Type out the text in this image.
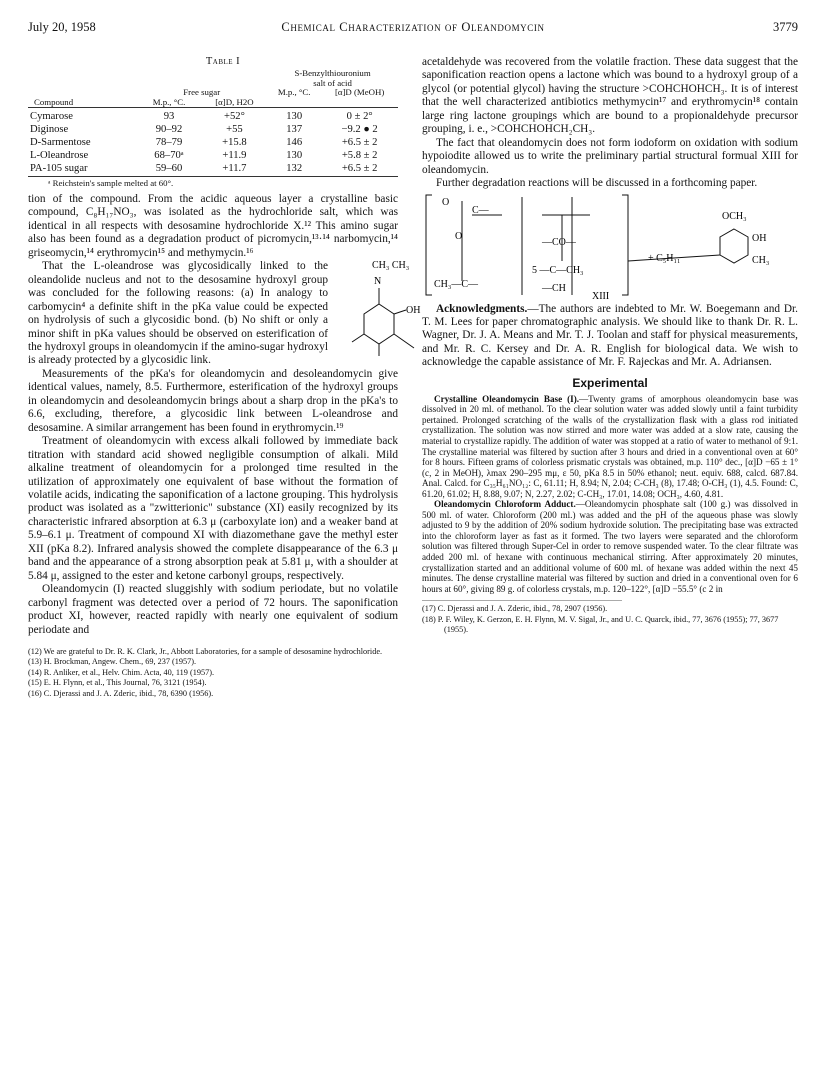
July 20, 1958	Chemical Characterization of Oleandomycin	3779
Table I

			S-Benzylthiouronium
salt of acid	

	Free sugar		M.p., °C.	[α]D (MeOH)
Compound	M.p., °C.	[α]D, H2O		

Cymarose	93	+52°	130	0 ± 2°
Diginose	90–92	+55	137	−9.2 ● 2
D-Sarmentose	78–79	+15.8	146	+6.5 ± 2
L-Oleandrose	68–70ᵃ	+11.9	130	+5.8 ± 2
PA-105 sugar	59–60	+11.7	132	+6.5 ± 2

ᵃ Reichstein's sample melted at 60°.

tion of the compound. From the acidic aqueous layer a crystalline basic compound, C₈H₁₇NO₃, was isolated as the hydrochloride salt, which was identical in all respects with desosamine hydrochloride X.¹² This amino sugar also has been found as a degradation product of picromycin,¹³·¹⁴ narbomycin,¹⁴ griseomycin,¹⁴ erythromycin¹⁵ and methymycin.¹⁶

CH₃ CH₃
N
OH

That the L-oleandrose was glycosidically linked to the oleandolide nucleus and not to the desosamine hydroxyl group was concluded for the following reasons: (a) In analogy to carbomycin⁴ a definite shift in the pKa value could be expected on hydrolysis of such a glycosidic bond. (b) No shift or only a minor shift in pKa values should be observed on esterification of the hydroxyl groups in oleandomycin if the amino-sugar hydroxyl is already protected by a glycosidic link.

Measurements of the pKa's for oleandomycin and desoleandomycin give identical values, namely, 8.5. Furthermore, esterification of the hydroxyl groups in oleandomycin and desoleandomycin brings about a sharp drop in the pKa's to 6.6, excluding, therefore, a glycosidic link between L-oleandrose and desosamine. A similar arrangement has been found in erythromycin.¹⁹

Treatment of oleandomycin with excess alkali followed by immediate back titration with standard acid showed negligible consumption of alkali. Mild alkaline treatment of oleandomycin for a prolonged time resulted in the utilization of approximately one equivalent of base without the formation of volatile acids, indicating the saponification of a lactone grouping. This hydrolysis product was isolated as a "zwitterionic" substance (XI) easily recognized by its characteristic infrared absorption at 6.3 μ (carboxylate ion) and a weaker band at 5.9–6.1 μ. Treatment of compound XI with diazomethane gave the methyl ester XII (pKa 8.2). Infrared analysis showed the complete disappearance of the 6.3 μ band and the appearance of a strong absorption peak at 5.81 μ, with a shoulder at 5.84 μ, assigned to the ester and ketone carbonyl groups, respectively.

Oleandomycin (I) reacted sluggishly with sodium periodate, but no volatile carbonyl fragment was detected over a period of 72 hours. The saponification product XI, however, reacted rapidly with nearly one equivalent of sodium periodate and

(12) We are grateful to Dr. R. K. Clark, Jr., Abbott Laboratories, for a sample of desosamine hydrochloride.

(13) H. Brockman, Angew. Chem., 69, 237 (1957).

(14) R. Anliker, et al., Helv. Chim. Acta, 40, 119 (1957).

(15) E. H. Flynn, et al., This Journal, 76, 3121 (1954).

(16) C. Djerassi and J. A. Zderic, ibid., 78, 6390 (1956).

acetaldehyde was recovered from the volatile fraction. These data suggest that the saponification reaction opens a lactone which was bound to a hydroxyl group of a glycol (or potential glycol) having the structure >COHCHOHCH₃. It is of interest that the well characterized antibiotics methymycin¹⁷ and erythromycin¹⁸ contain large ring lactone groupings which are bound to a propionaldehyde precursor grouping, i. e., >COHCHOHCH₂CH₃.

The fact that oleandomycin does not form iodoform on oxidation with sodium hypoiodite allowed us to write the preliminary partial structural formual XIII for oleandomycin.

Further degradation reactions will be discussed in a forthcoming paper.

O
C—
O
—CO—
+ C₅H₁₁
5 —C—CH₃
CH₃—C—	—CH
XIII
OCH₃
OH
CH₃

Acknowledgments.—The authors are indebted to Mr. W. Boegemann and Dr. T. M. Lees for paper chromatographic analysis. We should like to thank Dr. R. L. Wagner, Dr. J. A. Means and Mr. T. J. Toolan and staff for physical measurements, and Mr. R. C. Kersey and Dr. A. R. English for biological data. We wish to acknowledge the capable assistance of Mr. F. Rajeckas and Mr. A. Adriansen.

Experimental

Crystalline Oleandomycin Base (I).—Twenty grams of amorphous oleandomycin base was dissolved in 20 ml. of methanol. To the clear solution water was added slowly until a faint turbidity pertained. Prolonged scratching of the walls of the crystallization flask with a glass rod initiated crystallization. The solution was now stirred and more water was added at a slow rate, causing the material to crystallize rapidly. The addition of water was stopped at a ratio of water to methanol of 9:1. The crystalline material was filtered by suction after 3 hours and dried in a conventional oven at 60° for 8 hours. Fifteen grams of colorless prismatic crystals was obtained, m.p. 110° dec., [α]D −65 ± 1° (c, 2 in MeOH), λmax 290–295 mμ, ε 50, pKa 8.5 in 50% ethanol; neut. equiv. 688, calcd. 687.84. Anal. Calcd. for C₃₅H₆₁NO₁₂: C, 61.11; H, 8.94; N, 2.04; C-CH₃ (8), 17.48; O-CH₃ (1), 4.5. Found: C, 61.20, 61.02; H, 8.88, 9.07; N, 2.27, 2.02; C-CH₃, 17.01, 14.08; OCH₃, 4.60, 4.81.

Oleandomycin Chloroform Adduct.—Oleandomycin phosphate salt (100 g.) was dissolved in 500 ml. of water. Chloroform (200 ml.) was added and the pH of the aqueous phase was slowly adjusted to 9 by the addition of 20% sodium hydroxide solution. The precipitating base was extracted into the chloroform layer as fast as it formed. The two layers were separated and the chloroform solution was filtered through Super-Cel in order to remove suspended water. To the clear filtrate was added 200 ml. of hexane with continuous mechanical stirring. After approximately 20 minutes, crystallization started and an additional volume of 600 ml. of hexane was added within the next 45 minutes. The dense crystalline material was filtered by suction and dried in a conventional oven for 6 hours at 60°, giving 89 g. of colorless crystals, m.p. 120–122°, [α]D −55.5° (c 2 in

(17) C. Djerassi and J. A. Zderic, ibid., 78, 2907 (1956).

(18) P. F. Wiley, K. Gerzon, E. H. Flynn, M. V. Sigal, Jr., and U. C. Quarck, ibid., 77, 3676 (1955); 77, 3677 (1955).
